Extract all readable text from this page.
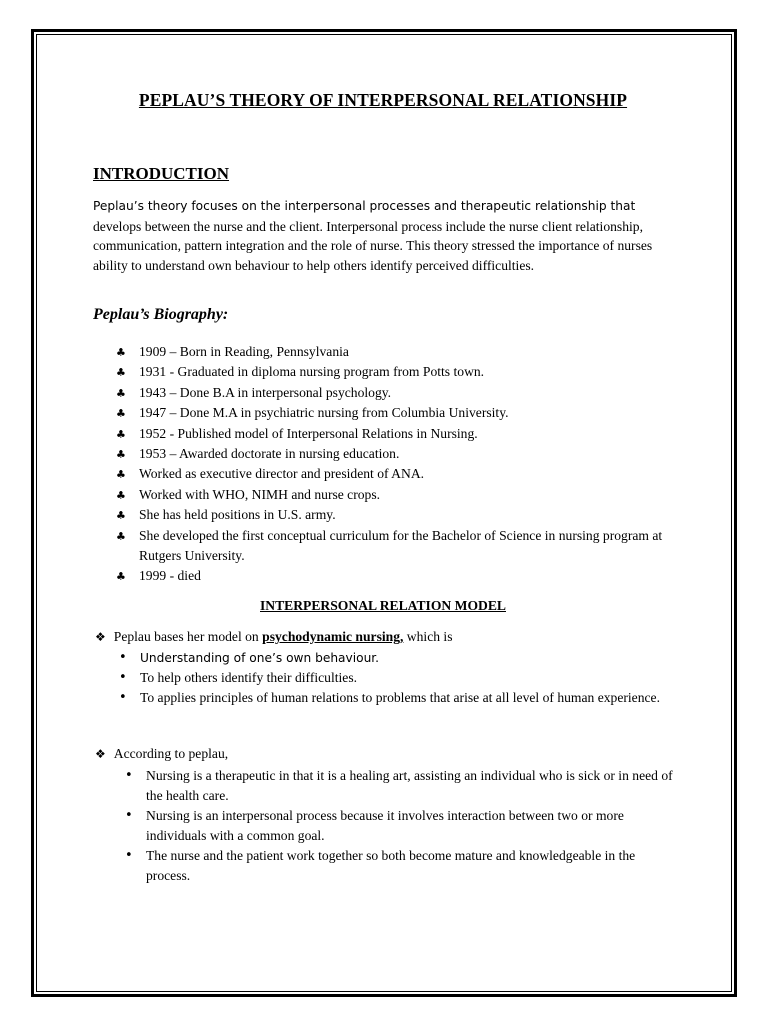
PEPLAU’S THEORY OF INTERPERSONAL RELATIONSHIP
INTRODUCTION

Peplau’s theory focuses on the interpersonal processes and therapeutic relationship that develops between the nurse and the client. Interpersonal process include the nurse client relationship, communication, pattern integration and the role of nurse. This theory stressed the importance of nurses ability to understand own behaviour to help others identify perceived difficulties.

Peplau’s Biography:
♣ 1909 – Born in Reading, Pennsylvania
♣ 1931 - Graduated in diploma nursing program from Potts town.
♣ 1943 – Done B.A in interpersonal psychology.
♣ 1947 – Done M.A in psychiatric nursing from Columbia University.
♣ 1952 - Published model of Interpersonal Relations in Nursing.
♣ 1953 – Awarded doctorate in nursing education.
♣ Worked as executive director and president of ANA.
♣ Worked with WHO, NIMH and nurse crops.
♣ She has held positions in U.S. army.
♣ She developed the first conceptual curriculum for the Bachelor of Science in nursing program at Rutgers University.
♣ 1999 - died
INTERPERSONAL RELATION MODEL
❖ Peplau bases her model on psychodynamic nursing, which is
• Understanding of one’s own behaviour.
• To help others identify their difficulties.
• To applies principles of human relations to problems that arise at all level of human experience.
❖ According to peplau,
• Nursing is a therapeutic in that it is a healing art, assisting an individual who is sick or in need of the health care.
• Nursing is an interpersonal process because it involves interaction between two or more individuals with a common goal.
• The nurse and the patient work together so both become mature and knowledgeable in the process.
